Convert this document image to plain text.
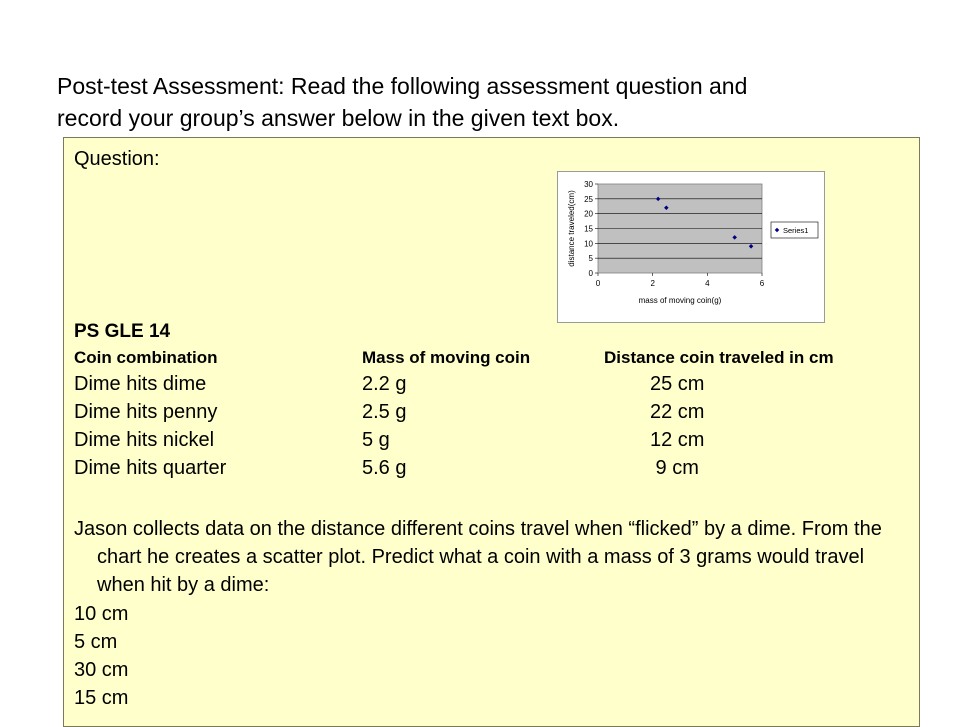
Post-test Assessment: Read the following assessment question and
record your group’s answer below in the given text box.
Question:
0
5
10
15
20
25
30
0	2	4	6
mass of moving coin(g)
distance traveled(cm)	Series1
PS GLE 14
Coin combination	Mass of moving coin	Distance coin traveled in cm
Dime hits dime	2.2 g	25 cm
Dime hits penny	2.5 g	22 cm
Dime hits nickel	5 g	12 cm
Dime hits quarter	5.6 g	9 cm
Jason collects data on the distance different coins travel when “flicked” by a dime. From the chart he creates a scatter plot. Predict what a coin with a mass of 3 grams would travel when hit by a dime:
10 cm
5 cm
30 cm
15 cm
